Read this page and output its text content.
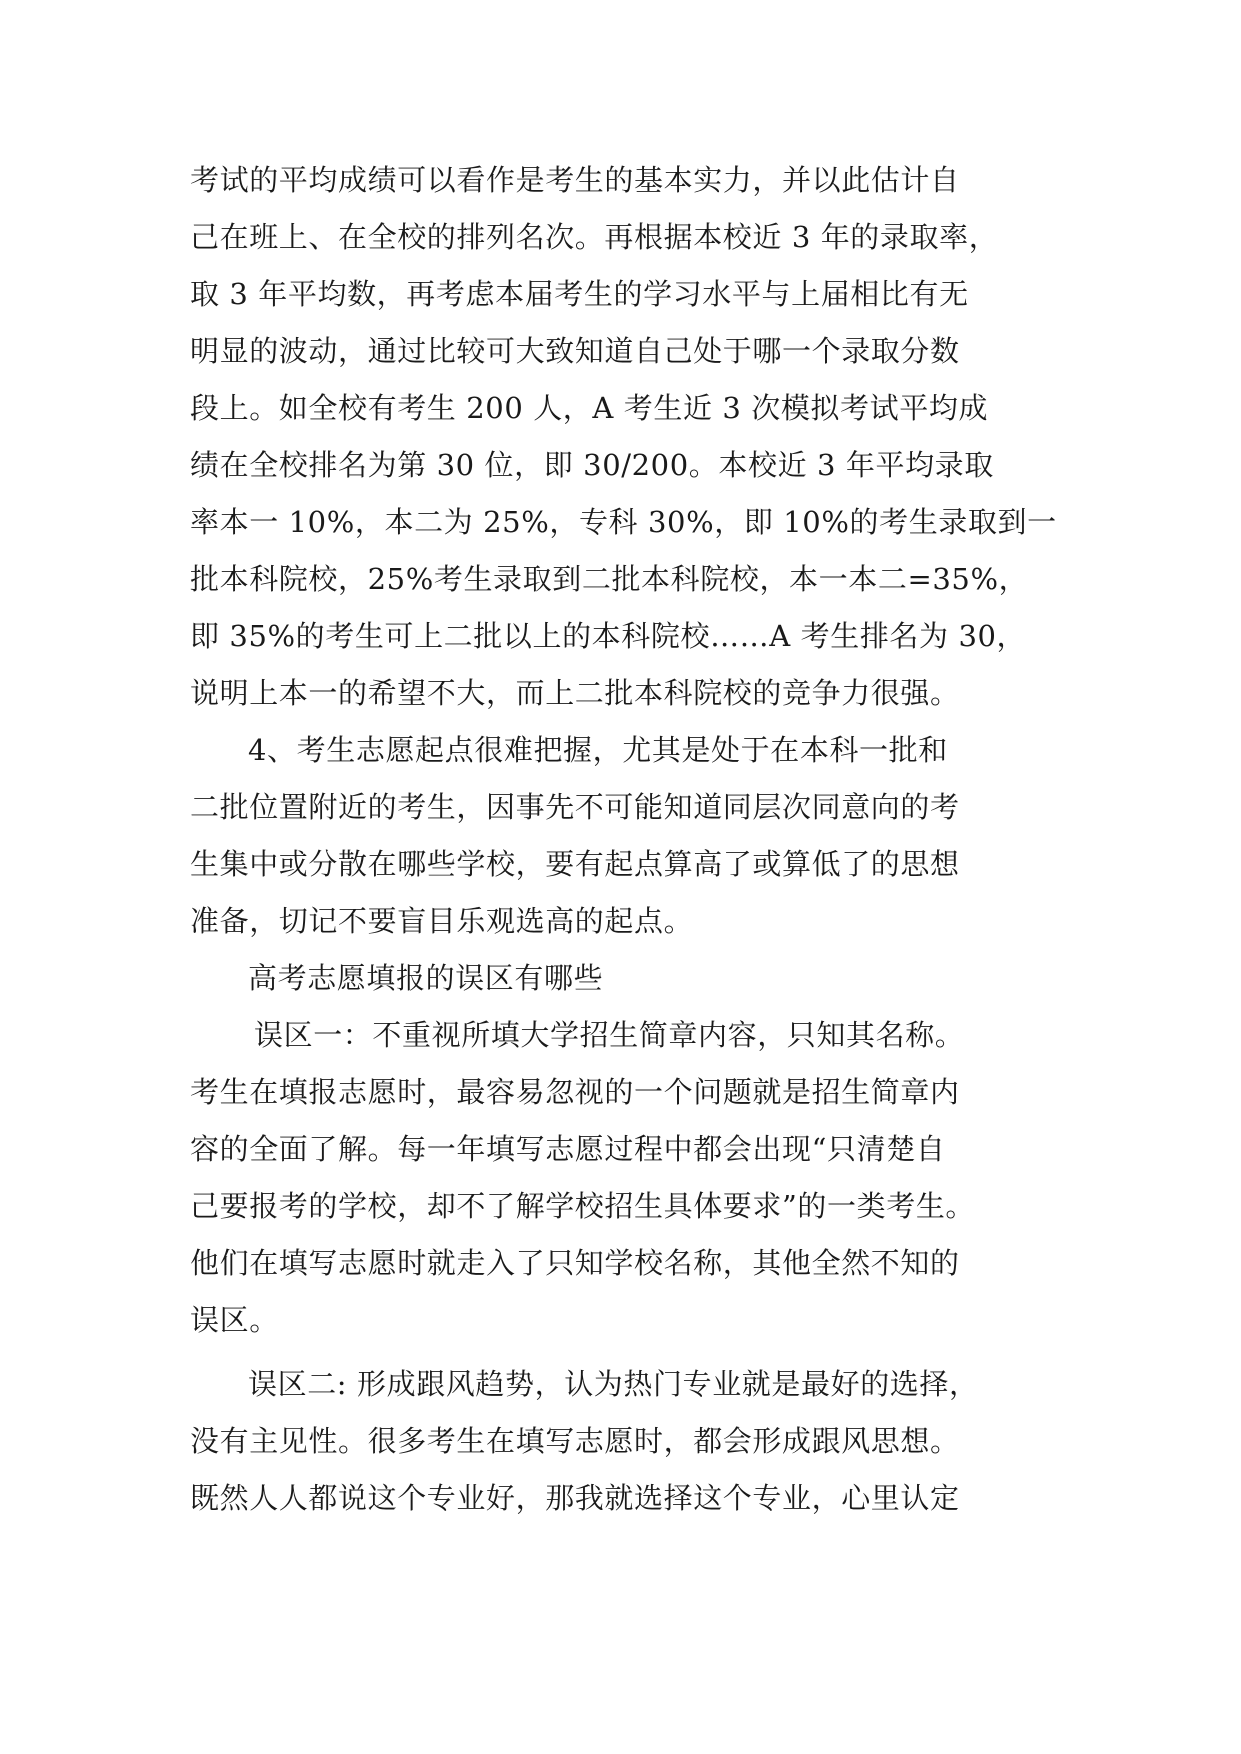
考试的平均成绩可以看作是考生的基本实力，并以此估计自
己在班上、在全校的排列名次。再根据本校近 3 年的录取率，
取 3 年平均数，再考虑本届考生的学习水平与上届相比有无
明显的波动，通过比较可大致知道自己处于哪一个录取分数
段上。如全校有考生 200 人，A 考生近 3 次模拟考试平均成
绩在全校排名为第 30 位，即 30/200。本校近 3 年平均录取
率本一 10%，本二为 25%，专科 30%，即 10%的考生录取到一
批本科院校，25%考生录取到二批本科院校，本一本二=35%，
即 35%的考生可上二批以上的本科院校……A 考生排名为 30，
说明上本一的希望不大，而上二批本科院校的竞争力很强。
4、考生志愿起点很难把握，尤其是处于在本科一批和
二批位置附近的考生，因事先不可能知道同层次同意向的考
生集中或分散在哪些学校，要有起点算高了或算低了的思想
准备，切记不要盲目乐观选高的起点。
高考志愿填报的误区有哪些
误区一：不重视所填大学招生简章内容，只知其名称。
考生在填报志愿时，最容易忽视的一个问题就是招生简章内
容的全面了解。每一年填写志愿过程中都会出现“只清楚自
己要报考的学校，却不了解学校招生具体要求”的一类考生。
他们在填写志愿时就走入了只知学校名称，其他全然不知的
误区。
误区二: 形成跟风趋势，认为热门专业就是最好的选择，
没有主见性。很多考生在填写志愿时，都会形成跟风思想。
既然人人都说这个专业好，那我就选择这个专业，心里认定
